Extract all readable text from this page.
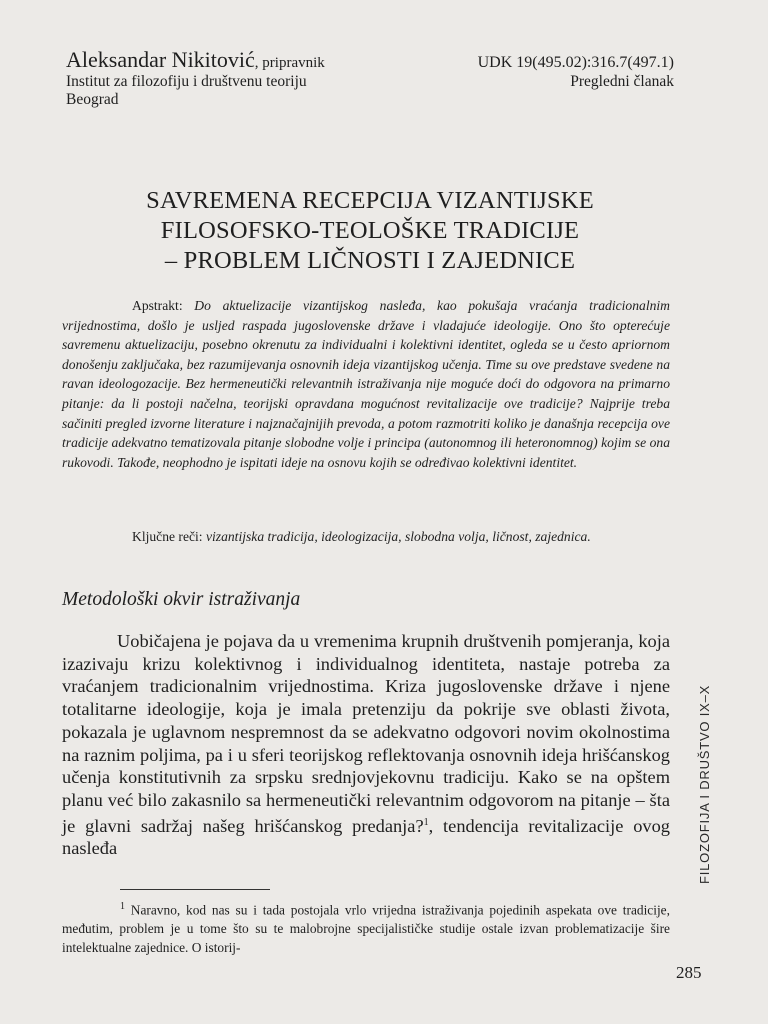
Aleksandar Nikitović, pripravnik	UDK 19(495.02):316.7(497.1)
Institut za filozofiju i društvenu teoriju	Pregledni članak
Beograd
SAVREMENA RECEPCIJA VIZANTIJSKE
FILOSOFSKO-TEOLOŠKE TRADICIJE
– PROBLEM LIČNOSTI I ZAJEDNICE
Apstrakt: Do aktuelizacije vizantijskog nasleđa, kao pokušaja vraćanja tradicionalnim vrijednostima, došlo je usljed raspada jugoslovenske države i vladajuće ideologije. Ono što opterećuje savremenu aktuelizaciju, posebno okrenutu za individualni i kolektivni identitet, ogleda se u često apriornom donošenju zaključaka, bez razumijevanja osnovnih ideja vizantijskog učenja. Time su ove predstave svedene na ravan ideologozacije. Bez hermeneutički relevantnih istraživanja nije moguće doći do odgovora na primarno pitanje: da li postoji načelna, teorijski opravdana mogućnost revitalizacije ove tradicije? Najprije treba sačiniti pregled izvorne literature i najznačajnijih prevoda, a potom razmotriti koliko je današnja recepcija ove tradicije adekvatno tematizovala pitanje slobodne volje i principa (autonomnog ili heteronomnog) kojim se ona rukovodi. Takođe, neophodno je ispitati ideje na osnovu kojih se određivao kolektivni identitet.
Ključne reči: vizantijska tradicija, ideologizacija, slobodna volja, ličnost, zajednica.
Metodološki okvir istraživanja
Uobičajena je pojava da u vremenima krupnih društvenih pomjeranja, koja izazivaju krizu kolektivnog i individualnog identiteta, nastaje potreba za vraćanjem tradicionalnim vrijednostima. Kriza jugoslovenske države i njene totalitarne ideologije, koja je imala pretenziju da pokrije sve oblasti života, pokazala je uglavnom nespremnost da se adekvatno odgovori novim okolnostima na raznim poljima, pa i u sferi teorijskog reflektovanja osnovnih ideja hrišćanskog učenja konstitutivnih za srpsku srednjovjekovnu tradiciju. Kako se na opštem planu već bilo zakasnilo sa hermeneutički relevantnim odgovorom na pitanje – šta je glavni sadržaj našeg hrišćanskog predanja?$^1$, tendencija revitalizacije ovog nasleđa
$^1$ Naravno, kod nas su i tada postojala vrlo vrijedna istraživanja pojedinih aspekata ove tradicije, međutim, problem je u tome što su te malobrojne specijalističke studije ostale izvan problematizacije šire intelektualne zajednice. O istorij-
FILOZOFIJA I DRUŠTVO IX–X
285
